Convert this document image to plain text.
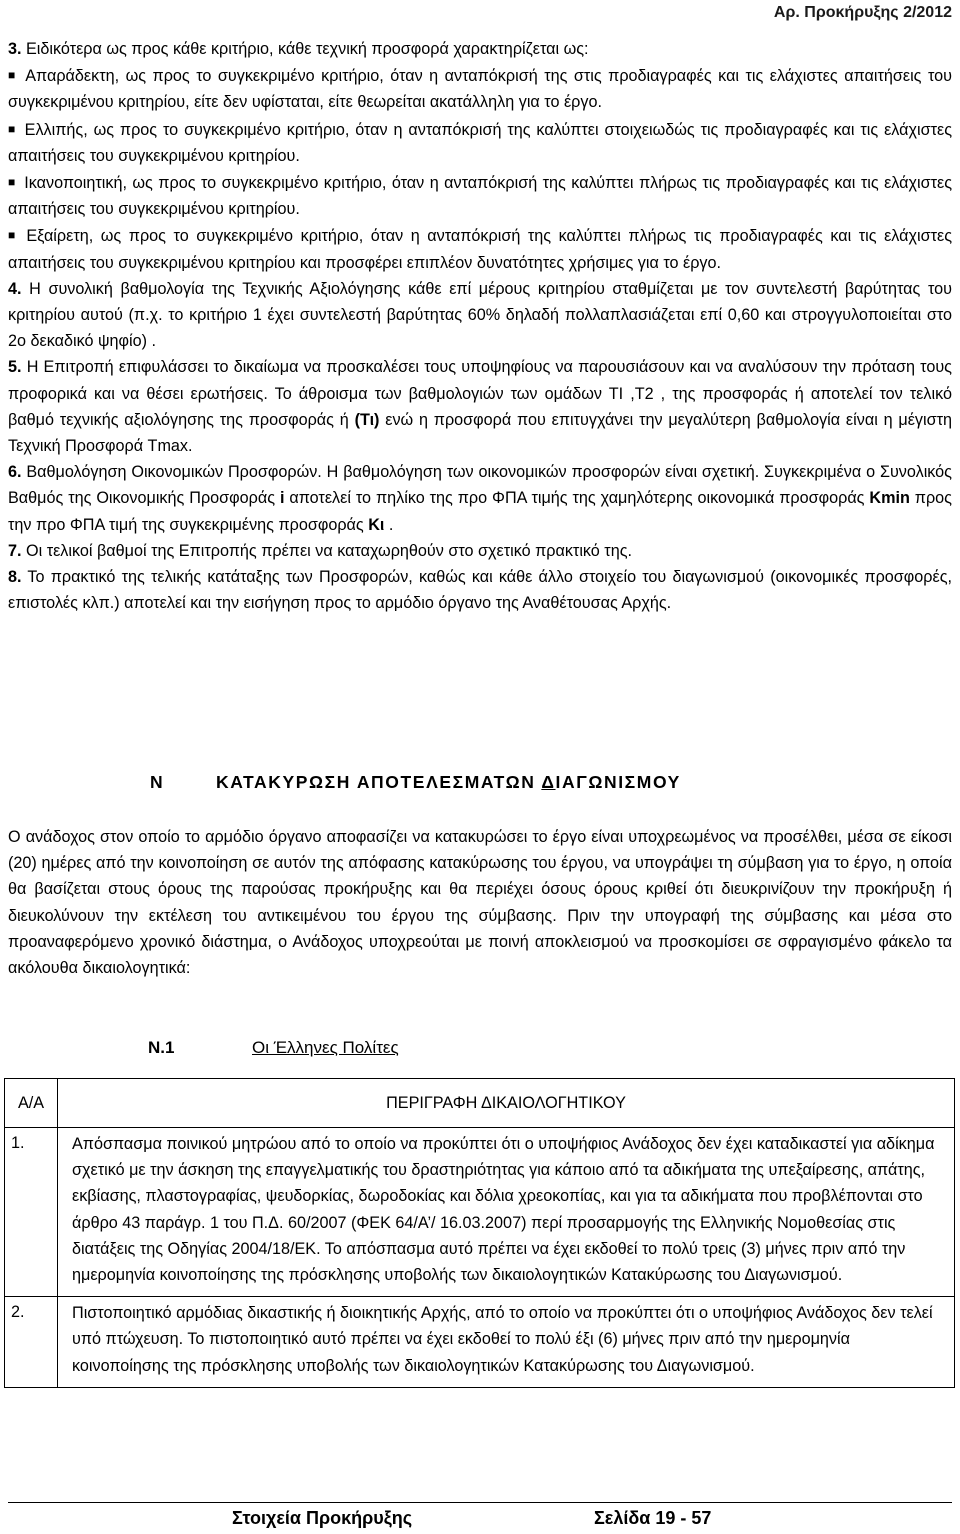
Αρ. Προκήρυξης 2/2012

3. Ειδικότερα ως προς κάθε κριτήριο, κάθε τεχνική προσφορά χαρακτηρίζεται ως:

■ Απαράδεκτη, ως προς το συγκεκριμένο κριτήριο, όταν η ανταπόκρισή της στις προδιαγραφές και τις ελάχιστες απαιτήσεις του συγκεκριμένου κριτηρίου, είτε δεν υφίσταται, είτε θεωρείται ακατάλληλη για το έργο.

■ Ελλιπής, ως προς το συγκεκριμένο κριτήριο, όταν η ανταπόκρισή της καλύπτει στοιχειωδώς τις προδιαγραφές και τις ελάχιστες απαιτήσεις του συγκεκριμένου κριτηρίου.

■ Ικανοποιητική, ως προς το συγκεκριμένο κριτήριο, όταν η ανταπόκρισή της καλύπτει πλήρως τις προδιαγραφές και τις ελάχιστες απαιτήσεις του συγκεκριμένου κριτηρίου.

■ Εξαίρετη, ως προς το συγκεκριμένο κριτήριο, όταν η ανταπόκρισή της καλύπτει πλήρως τις προδιαγραφές και τις ελάχιστες απαιτήσεις του συγκεκριμένου κριτηρίου και προσφέρει επιπλέον δυνατότητες χρήσιμες για το έργο.

4. Η συνολική βαθμολογία της Τεχνικής Αξιολόγησης κάθε επί μέρους κριτηρίου σταθμίζεται με τον συντελεστή βαρύτητας του κριτηρίου αυτού (π.χ. το κριτήριο 1 έχει συντελεστή βαρύτητας 60% δηλαδή πολλαπλασιάζεται επί 0,60 και στρογγυλοποιείται στο 2ο δεκαδικό ψηφίο) .

5. Η Επιτροπή επιφυλάσσει το δικαίωμα να προσκαλέσει τους υποψηφίους να παρουσιάσουν και να αναλύσουν την πρόταση τους προφορικά και να θέσει ερωτήσεις. Το άθροισμα των βαθμολογιών των ομάδων ΤΙ ,Τ2 , της προσφοράς ή αποτελεί τον τελικό βαθμό τεχνικής αξιολόγησης της προσφοράς ή (Τι) ενώ η προσφορά που επιτυγχάνει την μεγαλύτερη βαθμολογία είναι η μέγιστη Τεχνική Προσφορά Tmax.

6. Βαθμολόγηση Οικονομικών Προσφορών. Η βαθμολόγηση των οικονομικών προσφορών είναι σχετική. Συγκεκριμένα ο Συνολικός Βαθμός της Οικονομικής Προσφοράς i αποτελεί το πηλίκο της προ ΦΠΑ τιμής της χαμηλότερης οικονομικά προσφοράς Kmin προς την προ ΦΠΑ τιμή της συγκεκριμένης προσφοράς Κι .

7. Οι τελικοί βαθμοί της Επιτροπής πρέπει να καταχωρηθούν στο σχετικό πρακτικό της.

8. Το πρακτικό της τελικής κατάταξης των Προσφορών, καθώς και κάθε άλλο στοιχείο του διαγωνισμού (οικονομικές προσφορές, επιστολές κλπ.) αποτελεί και την εισήγηση προς το αρμόδιο όργανο της Αναθέτουσας Αρχής.

Ν	ΚΑΤΑΚΥΡΩΣΗ ΑΠΟΤΕΛΕΣΜΑΤΩΝ ΔΙΑΓΩΝΙΣΜΟΥ

Ο ανάδοχος στον οποίο το αρμόδιο όργανο αποφασίζει να κατακυρώσει το έργο είναι υποχρεωμένος να προσέλθει, μέσα σε είκοσι (20) ημέρες από την κοινοποίηση σε αυτόν της απόφασης κατακύρωσης του έργου, να υπογράψει τη σύμβαση για το έργο, η οποία θα βασίζεται στους όρους της παρούσας προκήρυξης και θα περιέχει όσους όρους κριθεί ότι διευκρινίζουν την προκήρυξη ή διευκολύνουν την εκτέλεση του αντικειμένου του έργου της σύμβασης. Πριν την υπογραφή της σύμβασης και μέσα στο προαναφερόμενο χρονικό διάστημα, ο Ανάδοχος υποχρεούται με ποινή αποκλεισμού να προσκομίσει σε σφραγισμένο φάκελο τα ακόλουθα δικαιολογητικά:

Ν.1	Οι Έλληνες Πολίτες
Α/Α	ΠΕΡΙΓΡΑΦΗ ΔΙΚΑΙΟΛΟΓΗΤΙΚΟΥ
1.	Απόσπασμα ποινικού μητρώου από το οποίο να προκύπτει ότι ο υποψήφιος Ανάδοχος δεν έχει καταδικαστεί για αδίκημα σχετικό με την άσκηση της επαγγελματικής του δραστηριότητας για κάποιο από τα αδικήματα της υπεξαίρεσης, απάτης, εκβίασης, πλαστογραφίας, ψευδορκίας, δωροδοκίας και δόλια χρεοκοπίας, και για τα αδικήματα που προβλέπονται στο άρθρο 43 παράγρ. 1 του Π.Δ. 60/2007 (ΦΕΚ 64/Α’/ 16.03.2007) περί προσαρμογής της Ελληνικής Νομοθεσίας στις διατάξεις της Οδηγίας 2004/18/ΕΚ. Το απόσπασμα αυτό πρέπει να έχει εκδοθεί το πολύ τρεις (3) μήνες πριν από την ημερομηνία κοινοποίησης της πρόσκλησης υποβολής των δικαιολογητικών Κατακύρωσης του Διαγωνισμού.
2.	Πιστοποιητικό αρμόδιας δικαστικής ή διοικητικής Αρχής, από το οποίο να προκύπτει ότι ο υποψήφιος Ανάδοχος δεν τελεί υπό πτώχευση. Το πιστοποιητικό αυτό πρέπει να έχει εκδοθεί το πολύ έξι (6) μήνες πριν από την ημερομηνία κοινοποίησης της πρόσκλησης υποβολής των δικαιολογητικών Κατακύρωσης του Διαγωνισμού.
Στοιχεία Προκήρυξης	Σελίδα 19 - 57
